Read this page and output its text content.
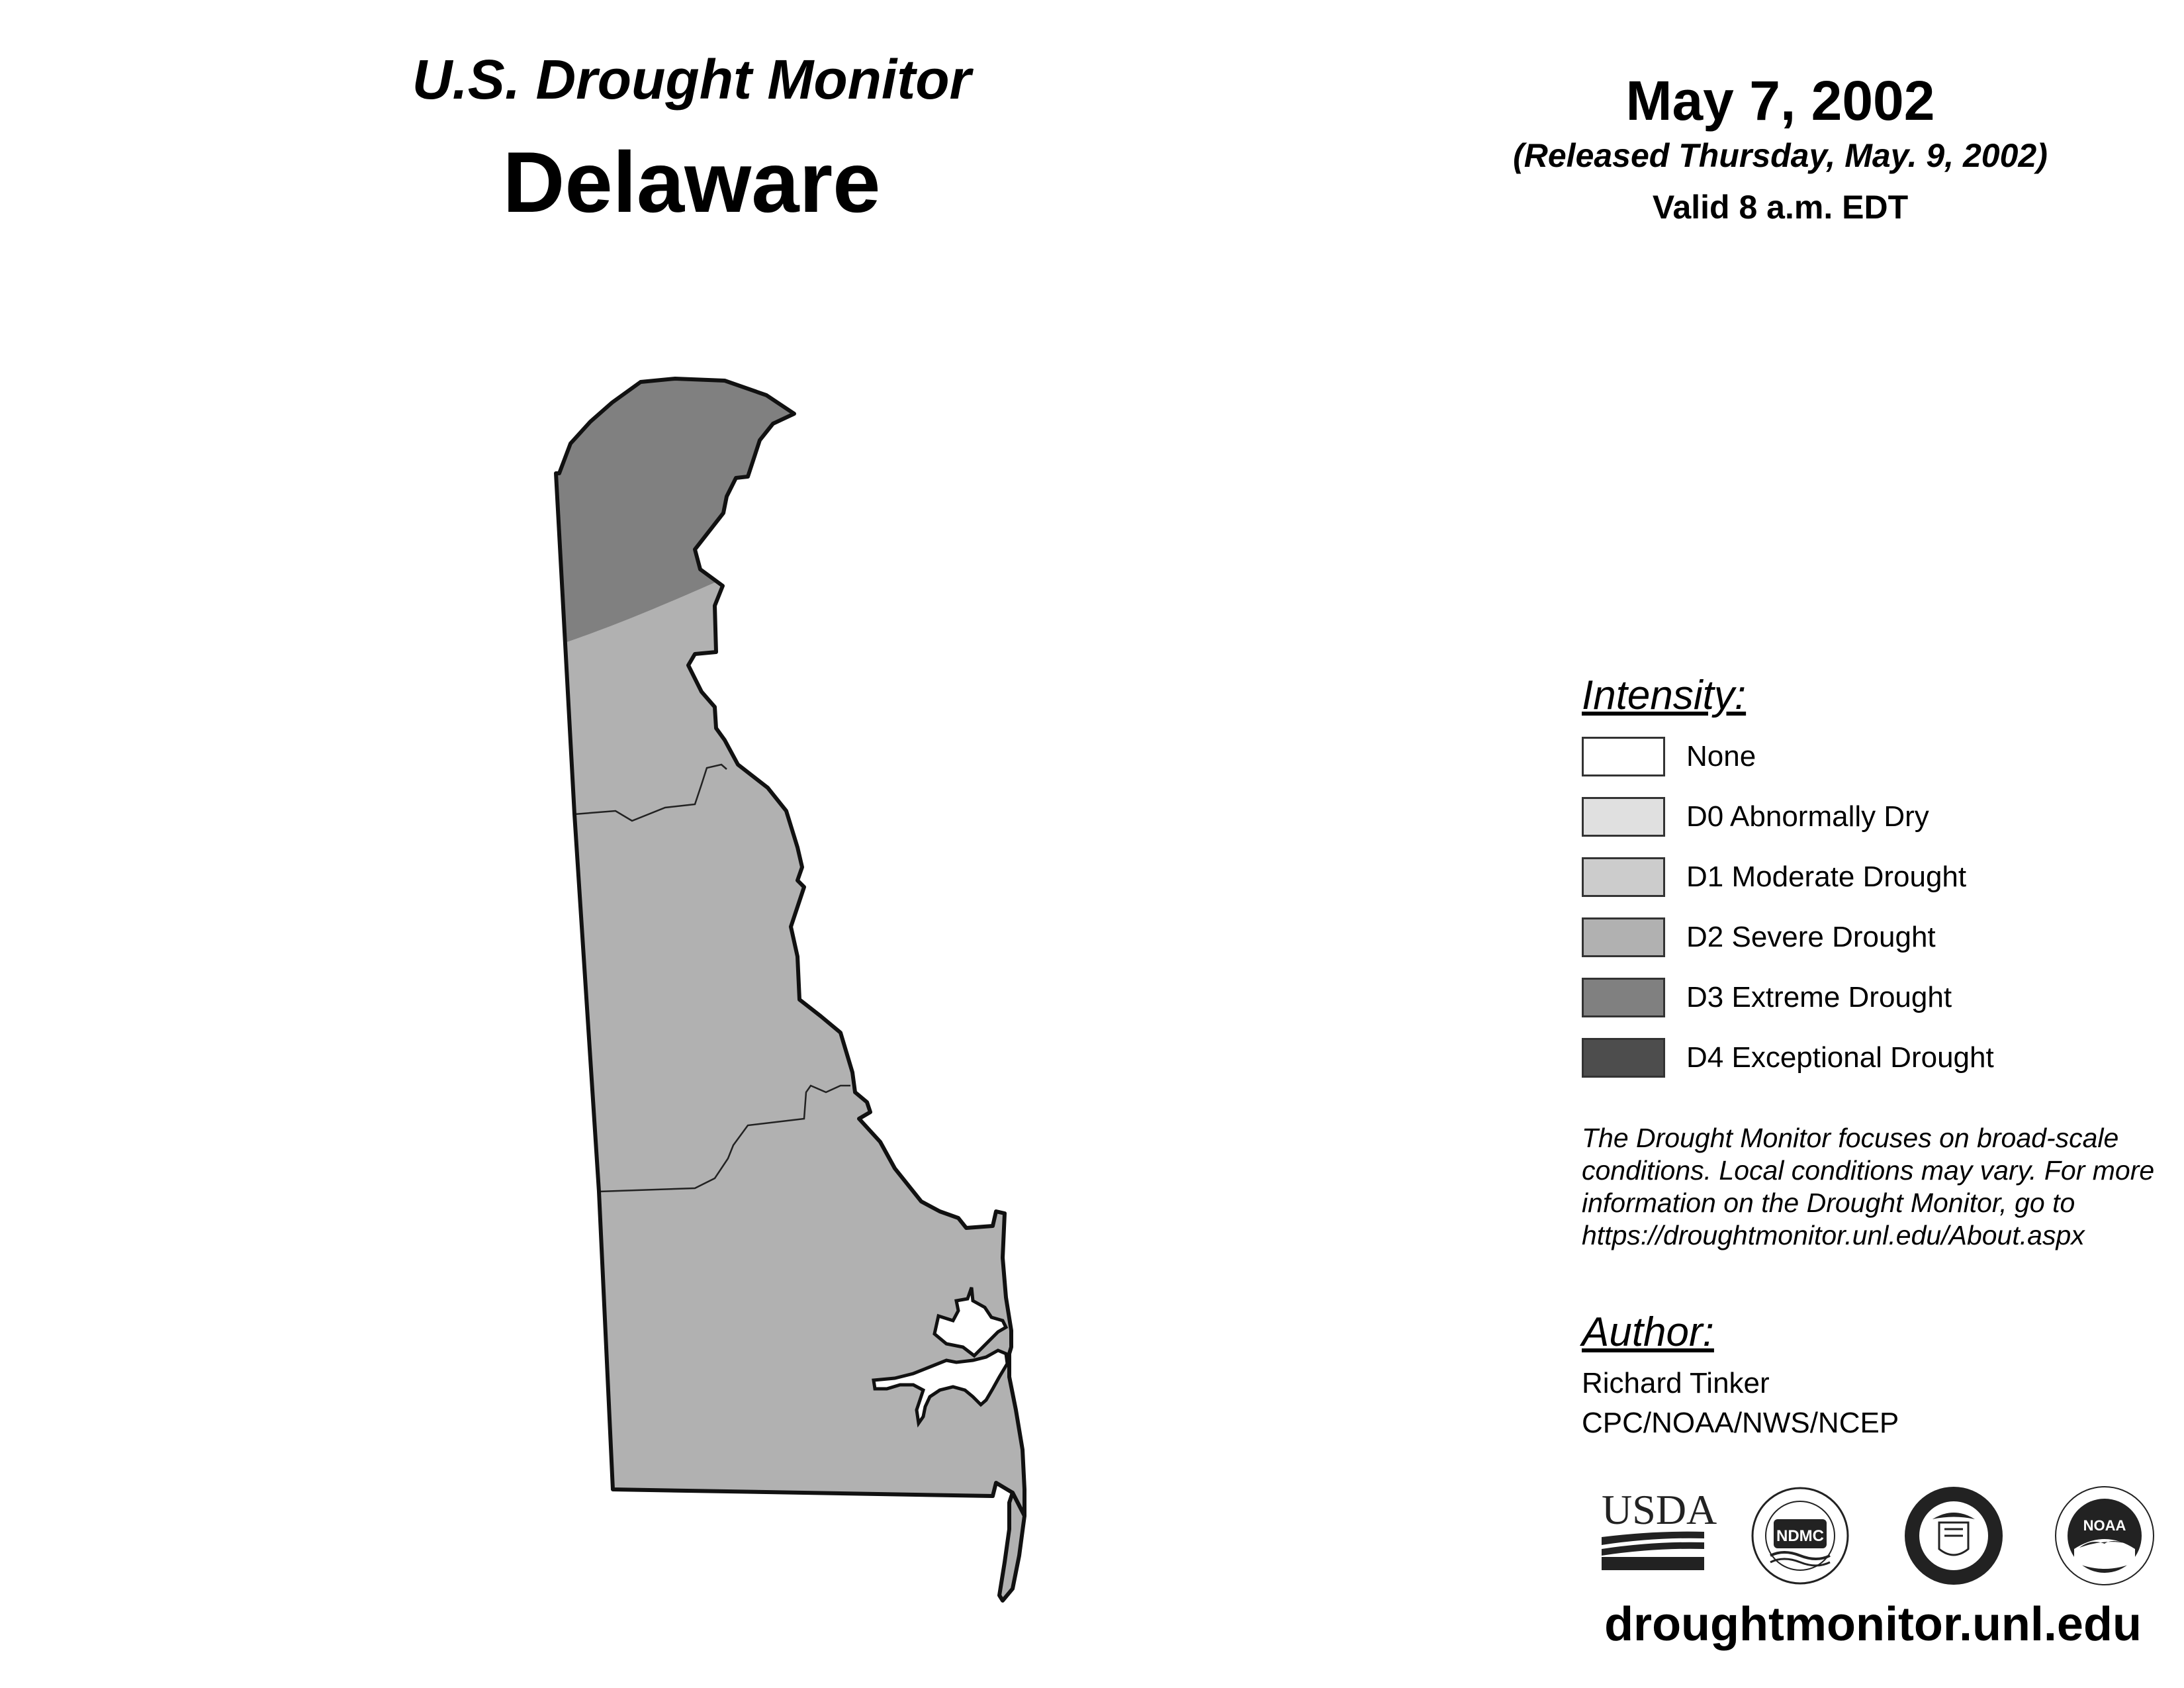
U.S. Drought Monitor
Delaware
May 7, 2002
(Released Thursday, May. 9, 2002)
Valid 8 a.m. EDT
Intensity:
None
D0 Abnormally Dry
D1 Moderate Drought
D2 Severe Drought
D3 Extreme Drought
D4 Exceptional Drought
The Drought Monitor focuses on broad-scale
conditions. Local conditions may vary. For more
information on the Drought Monitor, go to
https://droughtmonitor.unl.edu/About.aspx
Author:
Richard Tinker
CPC/NOAA/NWS/NCEP
USDA
NDMC
NOAA
droughtmonitor.unl.edu
